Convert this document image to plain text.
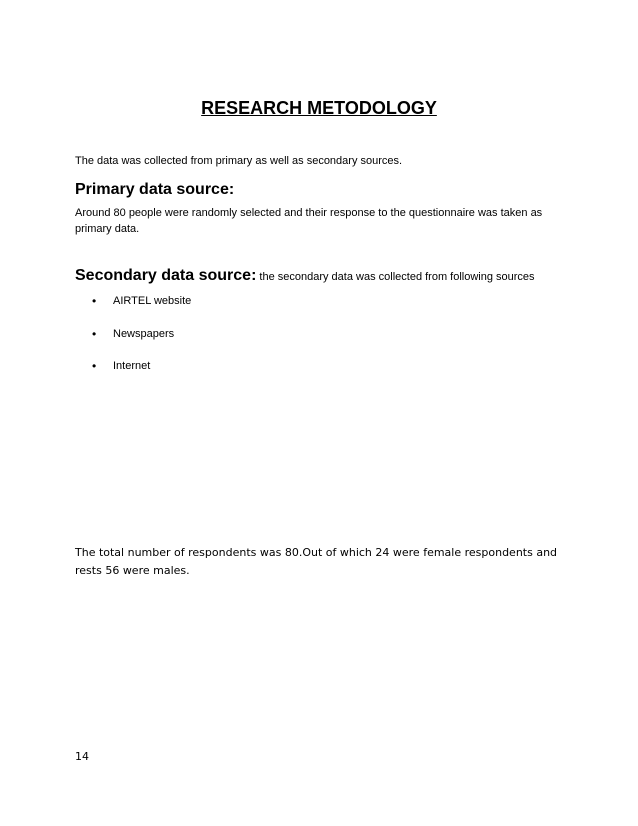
RESEARCH METODOLOGY
The data was collected from primary as well as secondary sources.
Primary data source:
Around 80 people were randomly selected and their response to the questionnaire was taken as primary data.
Secondary data source: the secondary data was collected from following sources
• AIRTEL website
• Newspapers
• Internet
The total number of respondents was 80.Out of which 24 were female respondents and rests 56 were males.
14
